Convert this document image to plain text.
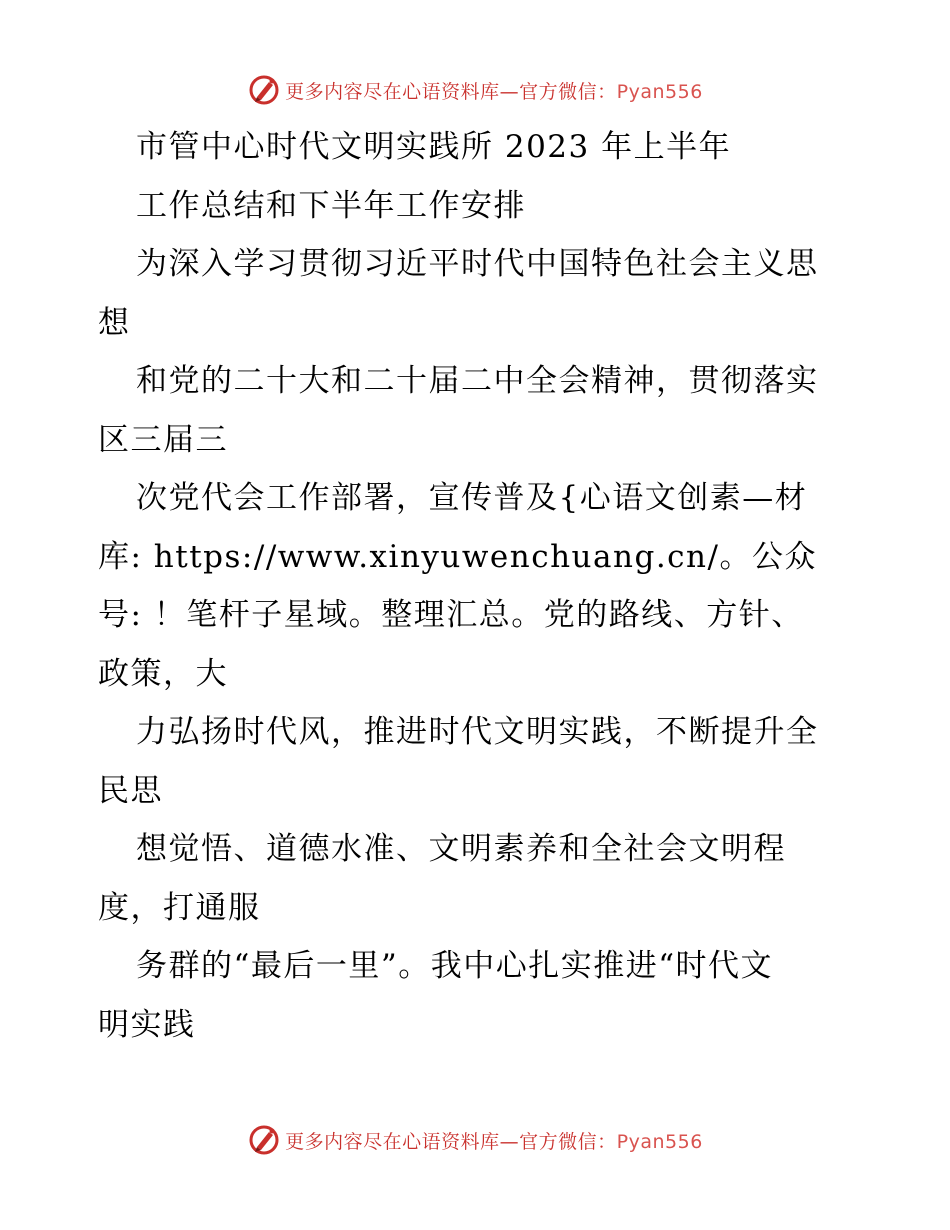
更多内容尽在心语资料库—官方微信：Pyan556
市管中心时代文明实践所 2023 年上半年
工作总结和下半年工作安排
为深入学习贯彻习近平时代中国特色社会主义思
想
和党的二十大和二十届二中全会精神，贯彻落实
区三届三
次党代会工作部署，宣传普及{心语文创素—材
库: https://www.xinyuwenchuang.cn/。公众
号: ！笔杆子星域。整理汇总。党的路线、方针、
政策，大
力弘扬时代风，推进时代文明实践，不断提升全
民思
想觉悟、道德水准、文明素养和全社会文明程
度，打通服
务群的“最后一里”。我中心扎实推进“时代文
明实践
更多内容尽在心语资料库—官方微信：Pyan556
